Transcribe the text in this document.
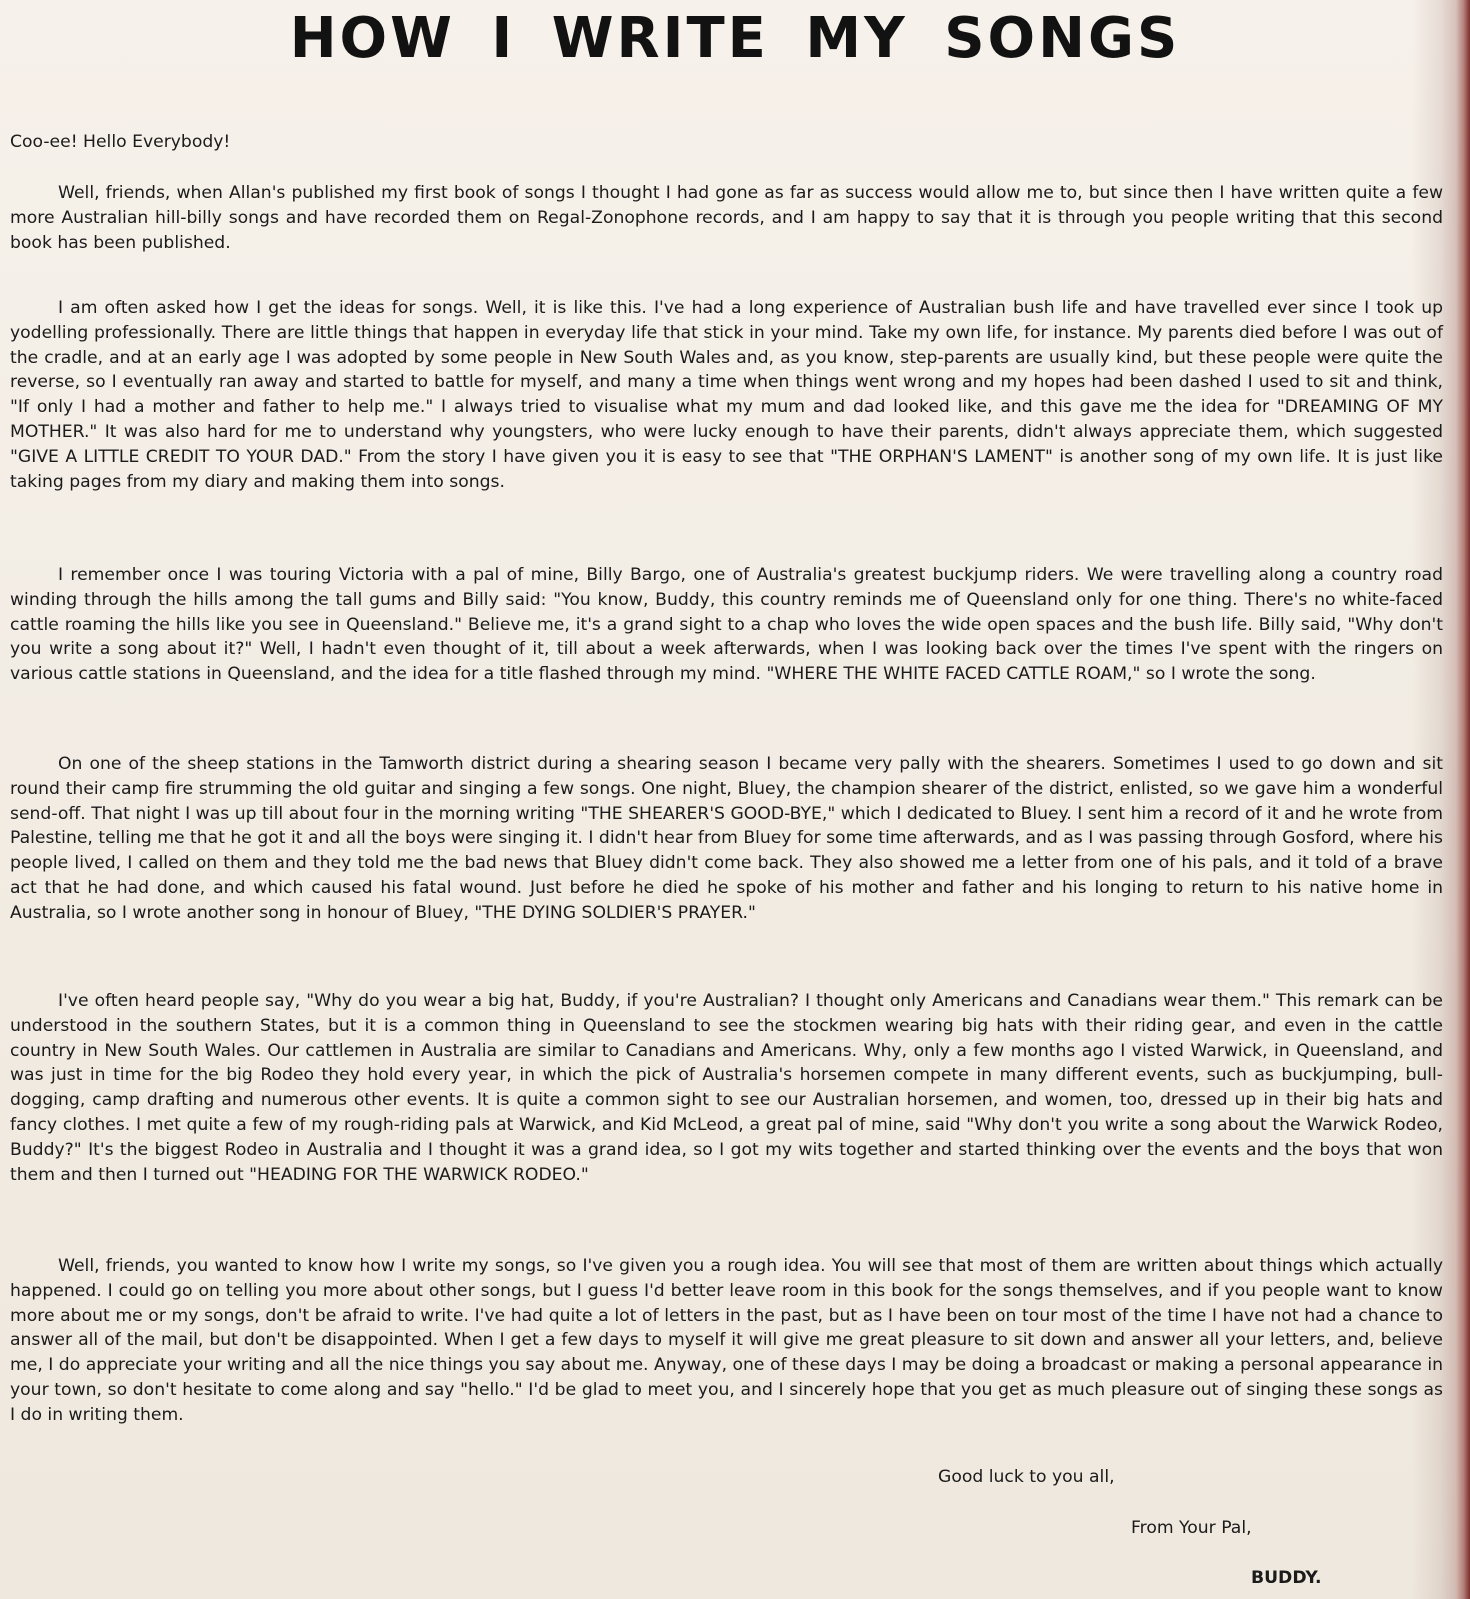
HOW I WRITE MY SONGS
Coo-ee! Hello Everybody!

Well, friends, when Allan's published my first book of songs I thought I had gone as far as success would allow me to, but since then I have written quite a few more Australian hill-billy songs and have recorded them on Regal-Zonophone records, and I am happy to say that it is through you people writing that this second book has been published.

I am often asked how I get the ideas for songs. Well, it is like this. I've had a long experience of Australian bush life and have travelled ever since I took up yodelling professionally. There are little things that happen in everyday life that stick in your mind. Take my own life, for instance. My parents died before I was out of the cradle, and at an early age I was adopted by some people in New South Wales and, as you know, step-parents are usually kind, but these people were quite the reverse, so I eventually ran away and started to battle for myself, and many a time when things went wrong and my hopes had been dashed I used to sit and think, "If only I had a mother and father to help me." I always tried to visualise what my mum and dad looked like, and this gave me the idea for "DREAMING OF MY MOTHER." It was also hard for me to understand why youngsters, who were lucky enough to have their parents, didn't always appreciate them, which suggested "GIVE A LITTLE CREDIT TO YOUR DAD." From the story I have given you it is easy to see that "THE ORPHAN'S LAMENT" is another song of my own life. It is just like taking pages from my diary and making them into songs.

I remember once I was touring Victoria with a pal of mine, Billy Bargo, one of Australia's greatest buckjump riders. We were travelling along a country road winding through the hills among the tall gums and Billy said: "You know, Buddy, this country reminds me of Queensland only for one thing. There's no white-faced cattle roaming the hills like you see in Queensland." Believe me, it's a grand sight to a chap who loves the wide open spaces and the bush life. Billy said, "Why don't you write a song about it?" Well, I hadn't even thought of it, till about a week afterwards, when I was looking back over the times I've spent with the ringers on various cattle stations in Queensland, and the idea for a title flashed through my mind. "WHERE THE WHITE FACED CATTLE ROAM," so I wrote the song.

On one of the sheep stations in the Tamworth district during a shearing season I became very pally with the shearers. Sometimes I used to go down and sit round their camp fire strumming the old guitar and singing a few songs. One night, Bluey, the champion shearer of the district, enlisted, so we gave him a wonderful send-off. That night I was up till about four in the morning writing "THE SHEARER'S GOOD-BYE," which I dedicated to Bluey. I sent him a record of it and he wrote from Palestine, telling me that he got it and all the boys were singing it. I didn't hear from Bluey for some time afterwards, and as I was passing through Gosford, where his people lived, I called on them and they told me the bad news that Bluey didn't come back. They also showed me a letter from one of his pals, and it told of a brave act that he had done, and which caused his fatal wound. Just before he died he spoke of his mother and father and his longing to return to his native home in Australia, so I wrote another song in honour of Bluey, "THE DYING SOLDIER'S PRAYER."

I've often heard people say, "Why do you wear a big hat, Buddy, if you're Australian? I thought only Americans and Canadians wear them." This remark can be understood in the southern States, but it is a common thing in Queensland to see the stockmen wearing big hats with their riding gear, and even in the cattle country in New South Wales. Our cattlemen in Australia are similar to Canadians and Americans. Why, only a few months ago I visted Warwick, in Queensland, and was just in time for the big Rodeo they hold every year, in which the pick of Australia's horsemen compete in many different events, such as buckjumping, bull-dogging, camp drafting and numerous other events. It is quite a common sight to see our Australian horsemen, and women, too, dressed up in their big hats and fancy clothes. I met quite a few of my rough-riding pals at Warwick, and Kid McLeod, a great pal of mine, said "Why don't you write a song about the Warwick Rodeo, Buddy?" It's the biggest Rodeo in Australia and I thought it was a grand idea, so I got my wits together and started thinking over the events and the boys that won them and then I turned out "HEADING FOR THE WARWICK RODEO."

Well, friends, you wanted to know how I write my songs, so I've given you a rough idea. You will see that most of them are written about things which actually happened. I could go on telling you more about other songs, but I guess I'd better leave room in this book for the songs themselves, and if you people want to know more about me or my songs, don't be afraid to write. I've had quite a lot of letters in the past, but as I have been on tour most of the time I have not had a chance to answer all of the mail, but don't be disappointed. When I get a few days to myself it will give me great pleasure to sit down and answer all your letters, and, believe me, I do appreciate your writing and all the nice things you say about me. Anyway, one of these days I may be doing a broadcast or making a personal appearance in your town, so don't hesitate to come along and say "hello." I'd be glad to meet you, and I sincerely hope that you get as much pleasure out of singing these songs as I do in writing them.

Good luck to you all,
From Your Pal,
BUDDY.
